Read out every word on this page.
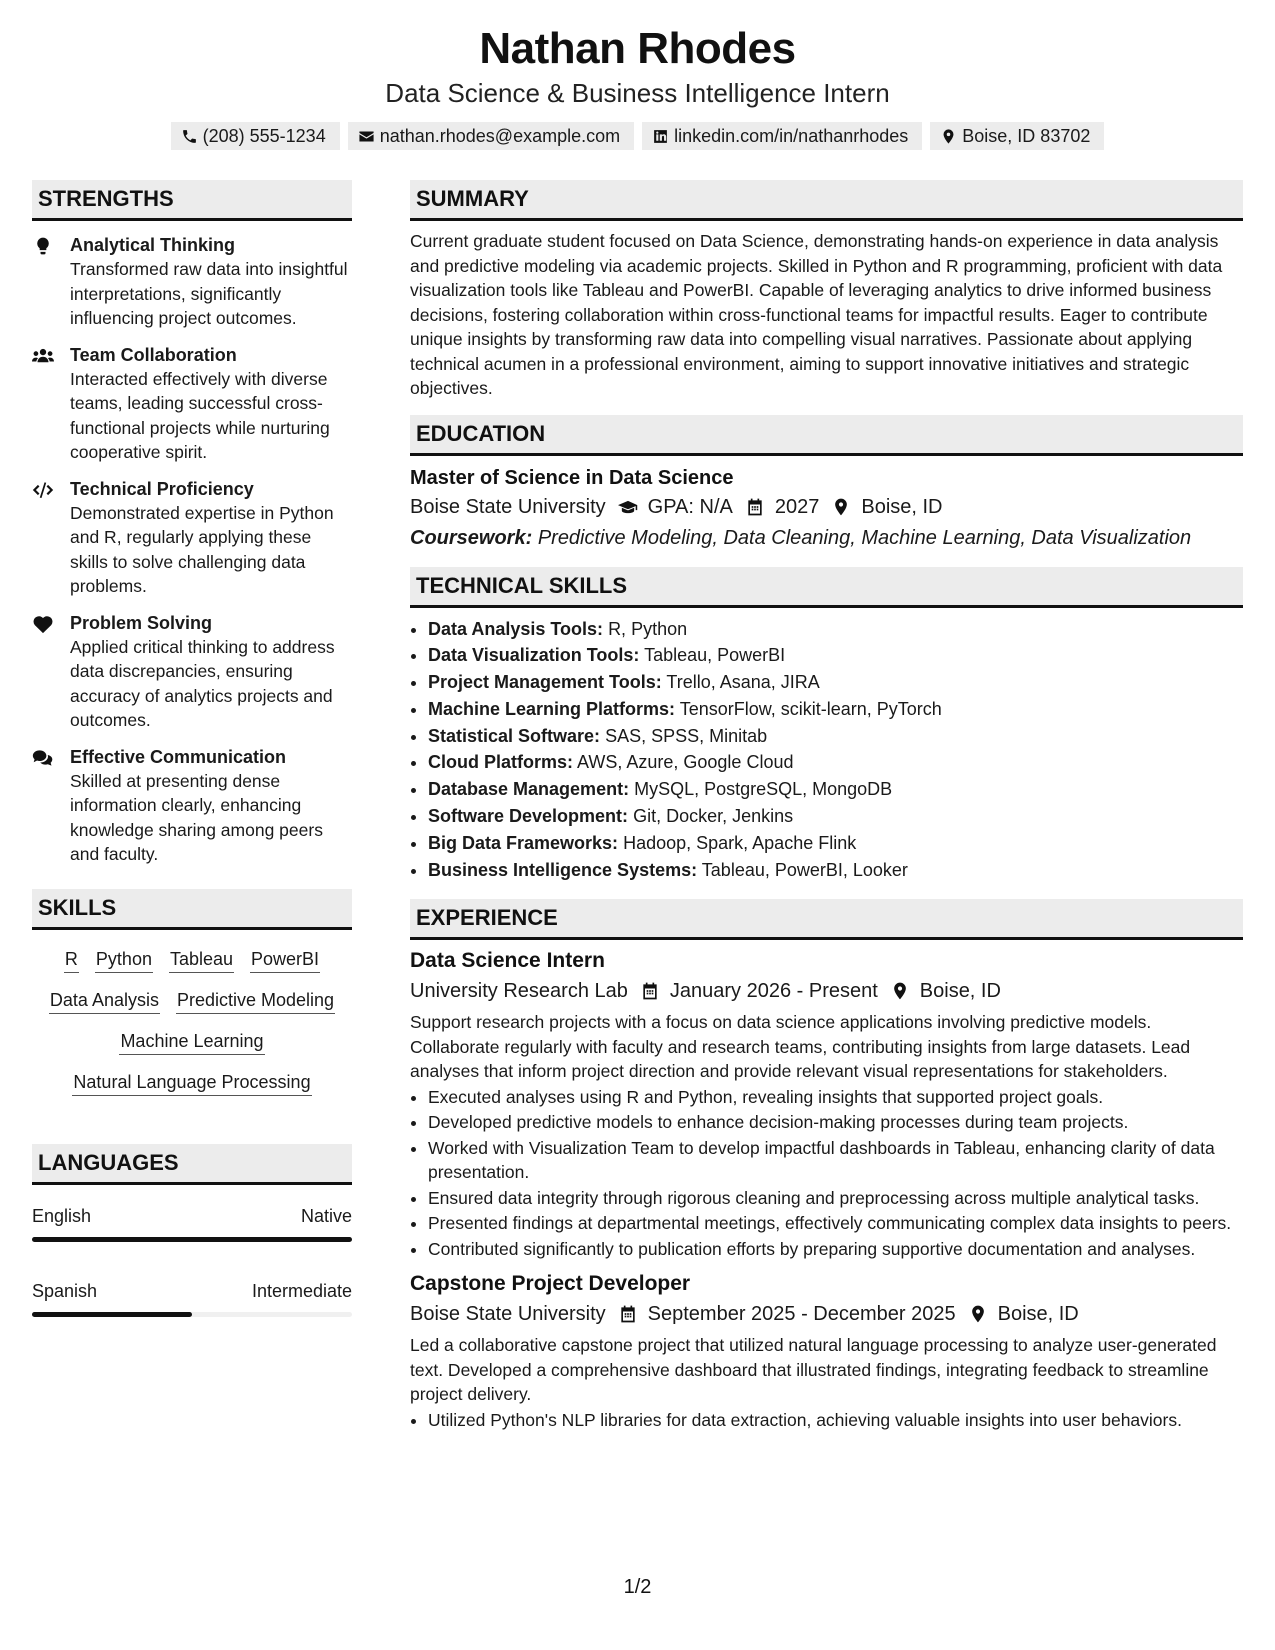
Nathan Rhodes
Data Science & Business Intelligence Intern
(208) 555-1234	nathan.rhodes@example.com	linkedin.com/in/nathanrhodes	Boise, ID 83702
STRENGTHS
Analytical Thinking
Transformed raw data into insightful interpretations, significantly influencing project outcomes.
Team Collaboration
Interacted effectively with diverse teams, leading successful cross-functional projects while nurturing cooperative spirit.
Technical Proficiency
Demonstrated expertise in Python and R, regularly applying these skills to solve challenging data problems.
Problem Solving
Applied critical thinking to address data discrepancies, ensuring accuracy of analytics projects and outcomes.
Effective Communication
Skilled at presenting dense information clearly, enhancing knowledge sharing among peers and faculty.
SKILLS
R Python Tableau PowerBI
Data Analysis Predictive Modeling
Machine Learning
Natural Language Processing
LANGUAGES
English	Native
Spanish	Intermediate
SUMMARY
Current graduate student focused on Data Science, demonstrating hands-on experience in data analysis and predictive modeling via academic projects. Skilled in Python and R programming, proficient with data visualization tools like Tableau and PowerBI. Capable of leveraging analytics to drive informed business decisions, fostering collaboration within cross-functional teams for impactful results. Eager to contribute unique insights by transforming raw data into compelling visual narratives. Passionate about applying technical acumen in a professional environment, aiming to support innovative initiatives and strategic objectives.
EDUCATION
Master of Science in Data Science
Boise State University GPA: N/A 2027 Boise, ID
Coursework: Predictive Modeling, Data Cleaning, Machine Learning, Data Visualization
TECHNICAL SKILLS
• Data Analysis Tools: R, Python
• Data Visualization Tools: Tableau, PowerBI
• Project Management Tools: Trello, Asana, JIRA
• Machine Learning Platforms: TensorFlow, scikit-learn, PyTorch
• Statistical Software: SAS, SPSS, Minitab
• Cloud Platforms: AWS, Azure, Google Cloud
• Database Management: MySQL, PostgreSQL, MongoDB
• Software Development: Git, Docker, Jenkins
• Big Data Frameworks: Hadoop, Spark, Apache Flink
• Business Intelligence Systems: Tableau, PowerBI, Looker
EXPERIENCE
Data Science Intern
University Research Lab January 2026 - Present Boise, ID
Support research projects with a focus on data science applications involving predictive models. Collaborate regularly with faculty and research teams, contributing insights from large datasets. Lead analyses that inform project direction and provide relevant visual representations for stakeholders.
• Executed analyses using R and Python, revealing insights that supported project goals.
• Developed predictive models to enhance decision-making processes during team projects.
• Worked with Visualization Team to develop impactful dashboards in Tableau, enhancing clarity of data presentation.
• Ensured data integrity through rigorous cleaning and preprocessing across multiple analytical tasks.
• Presented findings at departmental meetings, effectively communicating complex data insights to peers.
• Contributed significantly to publication efforts by preparing supportive documentation and analyses.
Capstone Project Developer
Boise State University September 2025 - December 2025 Boise, ID
Led a collaborative capstone project that utilized natural language processing to analyze user-generated text. Developed a comprehensive dashboard that illustrated findings, integrating feedback to streamline project delivery.
• Utilized Python's NLP libraries for data extraction, achieving valuable insights into user behaviors.
1/2
